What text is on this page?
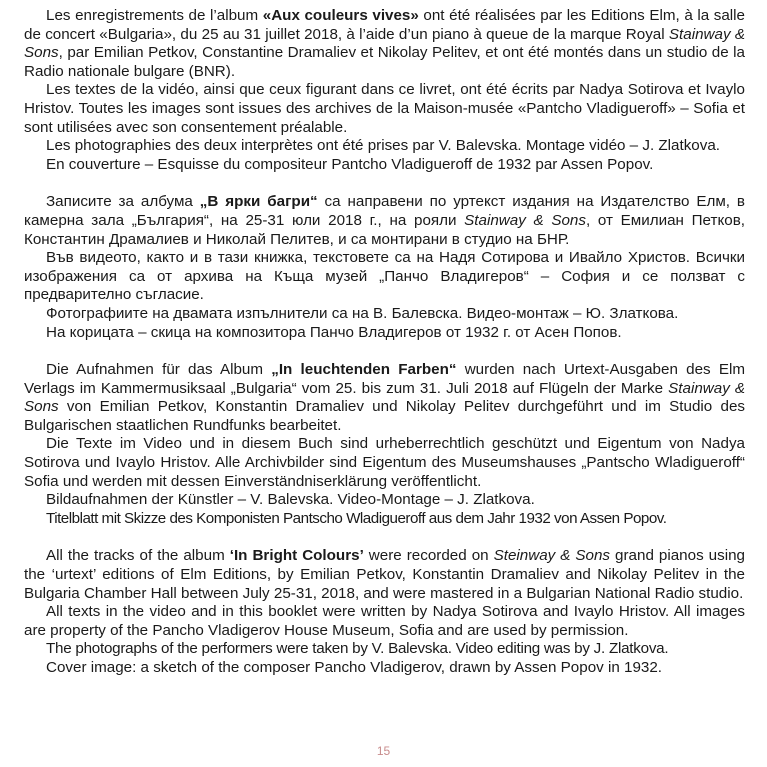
Les enregistrements de l’album «Aux couleurs vives» ont été réalisées par les Editions Elm, à la salle de concert «Bulgaria», du 25 au 31 juillet 2018, à l’aide d’un piano à queue de la marque Royal Stainway & Sons, par Emilian Petkov, Constantine Dramaliev et Nikolay Pelitev, et ont été montés dans un studio de la Radio nationale bulgare (BNR).

Les textes de la vidéo, ainsi que ceux figurant dans ce livret, ont été écrits par Nadya Sotirova et Ivaylo Hristov. Toutes les images sont issues des archives de la Maison-musée «Pantcho Vladigueroff» – Sofia et sont utilisées avec son consentement préalable.

Les photographies des deux interprètes ont été prises par V. Balevska. Montage vidéo – J. Zlatkova.

En couverture – Esquisse du compositeur Pantcho Vladigueroff de 1932 par Assen Popov.

Записите за албума „В ярки багри“ са направени по уртекст издания на Издателство Елм, в камерна зала „България“, на 25-31 юли 2018 г., на рояли Stainway & Sons, от Емилиан Петков, Константин Драмалиев и Николай Пелитев, и са монтирани в студио на БНР.

Във видеото, както и в тази книжка, текстовете са на Надя Сотирова и Ивайло Христов. Всички изображения са от архива на Къща музей „Панчо Владигеров“ – София и се ползват с предварително съгласие.

Фотографиите на двамата изпълнители са на В. Балевска. Видео-монтаж – Ю. Златкова.

На корицата – скица на композитора Панчо Владигеров от 1932 г. от Асен Попов.

Die Aufnahmen für das Album „In leuchtenden Farben“ wurden nach Urtext-Ausgaben des Elm Verlags im Kammermusiksaal „Bulgaria“ vom 25. bis zum 31. Juli 2018 auf Flügeln der Marke Stainway & Sons von Emilian Petkov, Konstantin Dramaliev und Nikolay Pelitev durchgeführt und im Studio des Bulgarischen staatlichen Rundfunks bearbeitet.

Die Texte im Video und in diesem Buch sind urheberrechtlich geschützt und Eigentum von Nadya Sotirova und Ivaylo Hristov. Alle Archivbilder sind Eigentum des Museumshauses „Pantscho Wladigueroff“ Sofia und werden mit dessen Einverständniserklärung veröffentlicht.

Bildaufnahmen der Künstler – V. Balevska. Video-Montage – J. Zlatkova.

Titelblatt mit Skizze des Komponisten Pantscho Wladigueroff aus dem Jahr 1932 von Assen Popov.

All the tracks of the album ‘In Bright Colours’ were recorded on Steinway & Sons grand pianos using the ‘urtext’ editions of Elm Editions, by Emilian Petkov, Konstantin Dramaliev and Nikolay Pelitev in the Bulgaria Chamber Hall between July 25-31, 2018, and were mastered in a Bulgarian National Radio studio.

All texts in the video and in this booklet were written by Nadya Sotirova and Ivaylo Hristov. All images are property of the Pancho Vladigerov House Museum, Sofia and are used by permission.

The photographs of the performers were taken by V. Balevska. Video editing was by J. Zlatkova.

Cover image: a sketch of the composer Pancho Vladigerov, drawn by Assen Popov in 1932.

15
